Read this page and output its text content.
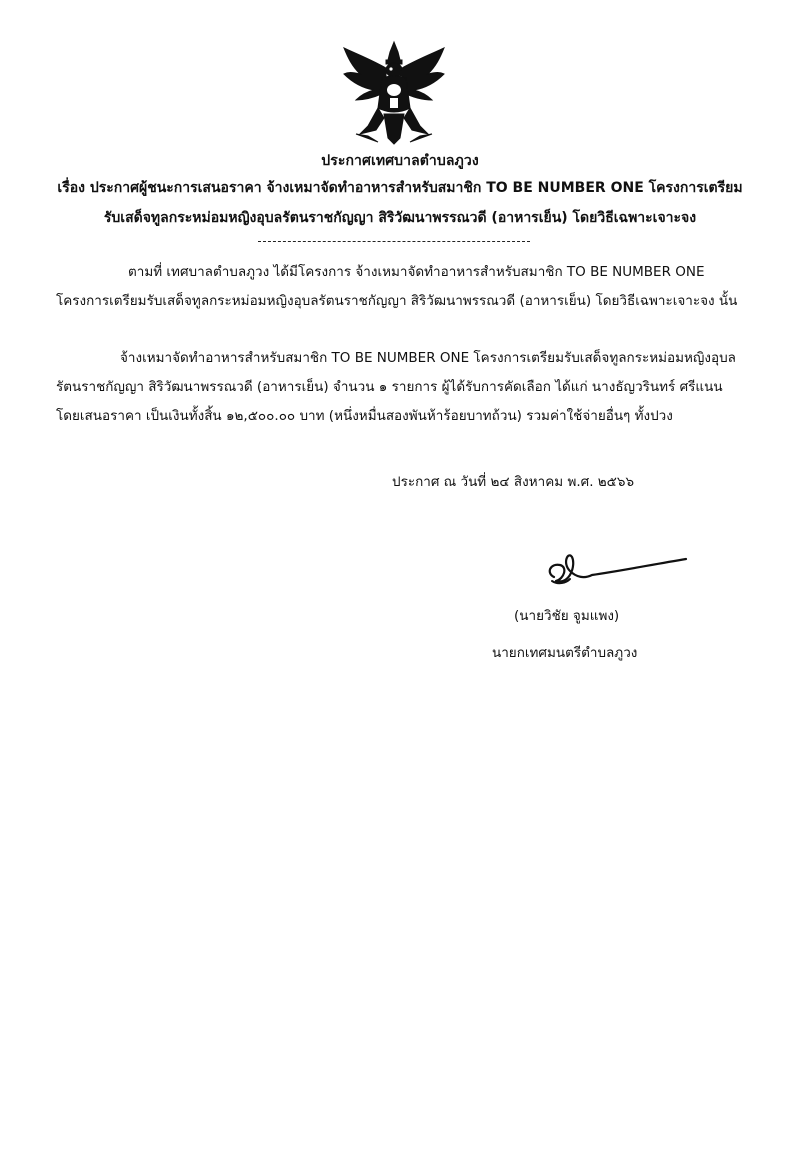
ประกาศเทศบาลตำบลภูวง
เรื่อง ประกาศผู้ชนะการเสนอราคา จ้างเหมาจัดทำอาหารสำหรับสมาชิก TO BE NUMBER ONE โครงการเตรียม
รับเสด็จทูลกระหม่อมหญิงอุบลรัตนราชกัญญา สิริวัฒนาพรรณวดี (อาหารเย็น) โดยวิธีเฉพาะเจาะจง
ตามที่ เทศบาลตำบลภูวง ได้มีโครงการ จ้างเหมาจัดทำอาหารสำหรับสมาชิก TO BE NUMBER ONE โครงการเตรียมรับเสด็จทูลกระหม่อมหญิงอุบลรัตนราชกัญญา สิริวัฒนาพรรณวดี (อาหารเย็น) โดยวิธีเฉพาะเจาะจง นั้น
จ้างเหมาจัดทำอาหารสำหรับสมาชิก TO BE NUMBER ONE โครงการเตรียมรับเสด็จทูลกระหม่อมหญิงอุบลรัตนราชกัญญา สิริวัฒนาพรรณวดี (อาหารเย็น) จำนวน ๑ รายการ ผู้ได้รับการคัดเลือก ได้แก่ นางธัญวรินทร์ ศรีแนน โดยเสนอราคา เป็นเงินทั้งสิ้น ๑๒,๕๐๐.๐๐ บาท (หนึ่งหมื่นสองพันห้าร้อยบาทถ้วน) รวมค่าใช้จ่ายอื่นๆ ทั้งปวง
ประกาศ ณ วันที่ ๒๔ สิงหาคม พ.ศ. ๒๕๖๖
(นายวิชัย จูมแพง)
นายกเทศมนตรีตำบลภูวง
